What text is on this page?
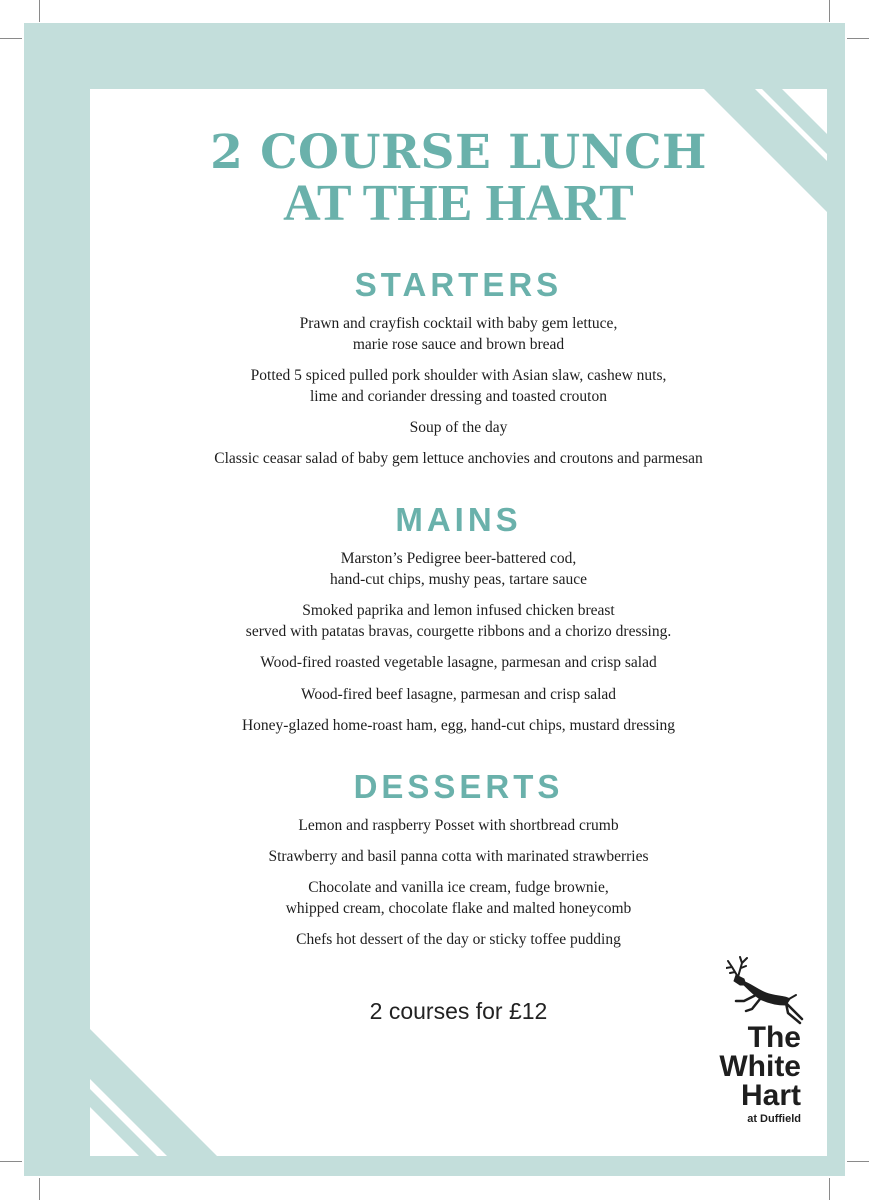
2 COURSE LUNCH
AT THE HART
STARTERS

Prawn and crayfish cocktail with baby gem lettuce,
marie rose sauce and brown bread

Potted 5 spiced pulled pork shoulder with Asian slaw, cashew nuts,
lime and coriander dressing and toasted crouton

Soup of the day

Classic ceasar salad of baby gem lettuce anchovies and croutons and parmesan

MAINS

Marston’s Pedigree beer-battered cod,
hand-cut chips, mushy peas, tartare sauce

Smoked paprika and lemon infused chicken breast
served with patatas bravas, courgette ribbons and a chorizo dressing.

Wood-fired roasted vegetable lasagne, parmesan and crisp salad

Wood-fired beef lasagne, parmesan and crisp salad

Honey-glazed home-roast ham, egg, hand-cut chips, mustard dressing

DESSERTS

Lemon and raspberry Posset with shortbread crumb

Strawberry and basil panna cotta with marinated strawberries

Chocolate and vanilla ice cream, fudge brownie,
whipped cream, chocolate flake and malted honeycomb

Chefs hot dessert of the day or sticky toffee pudding

2 courses for £12

The
White
Hart
at Duffield
